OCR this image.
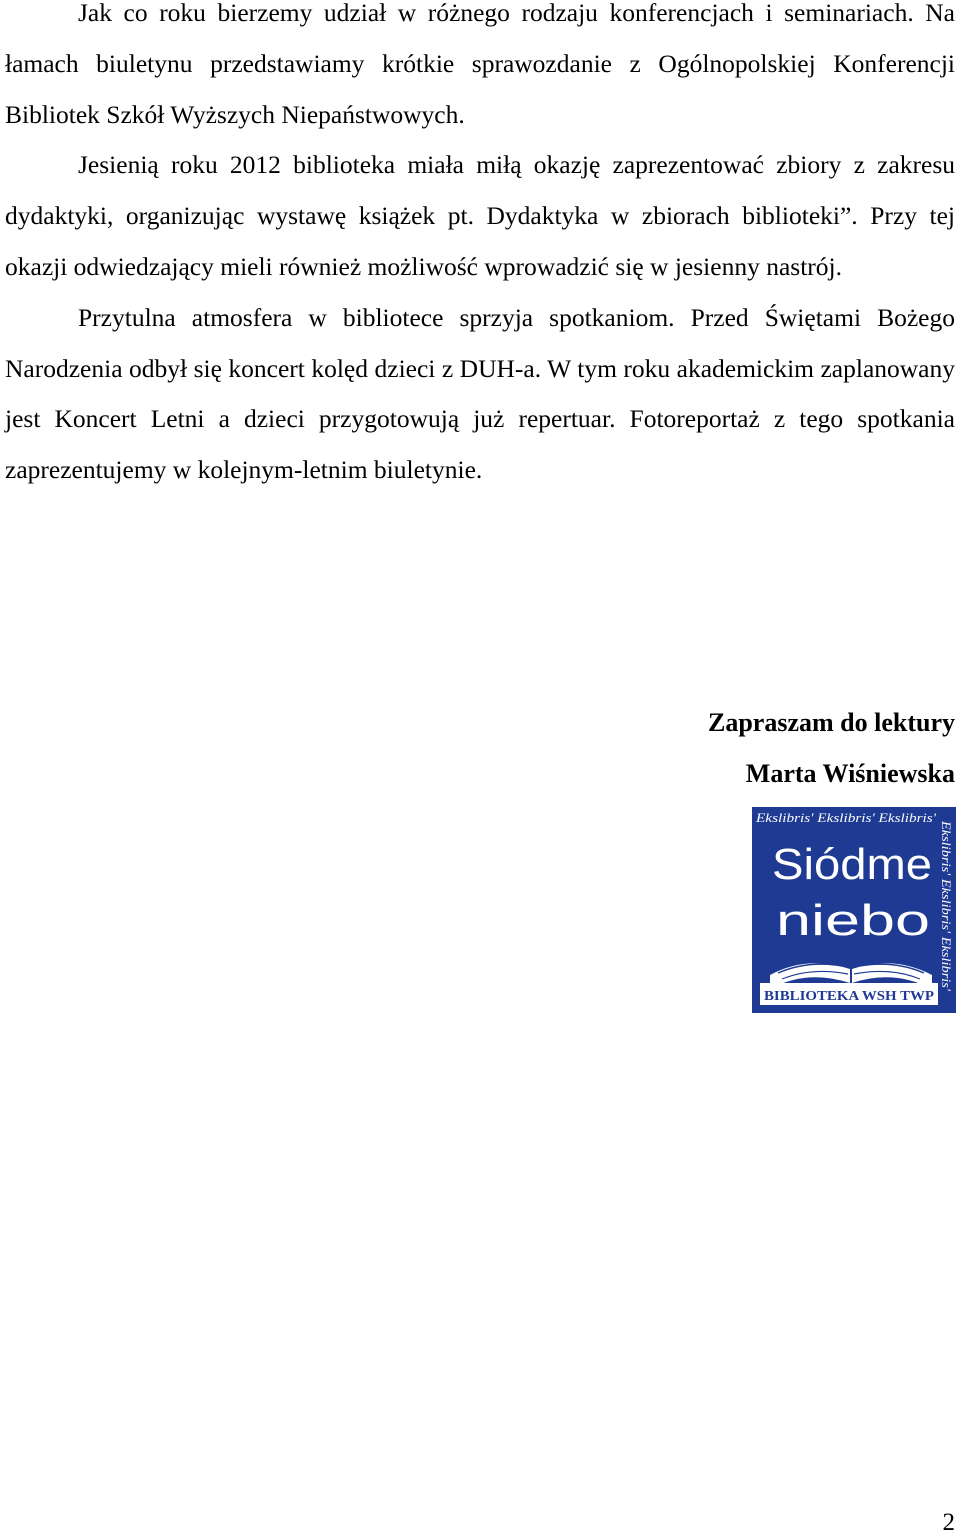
Jak co roku bierzemy udział w różnego rodzaju konferencjach i seminariach. Na łamach biuletynu przedstawiamy krótkie sprawozdanie z Ogólnopolskiej Konferencji Bibliotek Szkół Wyższych Niepaństwowych.

Jesienią roku 2012 biblioteka miała miłą okazję zaprezentować zbiory z zakresu dydaktyki, organizując wystawę książek pt. Dydaktyka w zbiorach biblioteki”. Przy tej okazji odwiedzający mieli również możliwość wprowadzić się w jesienny nastrój.

Przytulna atmosfera w bibliotece sprzyja spotkaniom. Przed Świętami Bożego Narodzenia odbył się koncert kolęd dzieci z DUH-a. W tym roku akademickim zaplanowany jest Koncert Letni a dzieci przygotowują już repertuar. Fotoreportaż z tego spotkania zaprezentujemy w kolejnym-letnim biuletynie.

Zapraszam do lektury
Marta Wiśniewska
Ekslibris ' Ekslibris ' Ekslibris '
Ekslibris' Ekslibris' Ekslibris'
Siódme
niebo
BIBLIOTEKA WSH TWP
2
